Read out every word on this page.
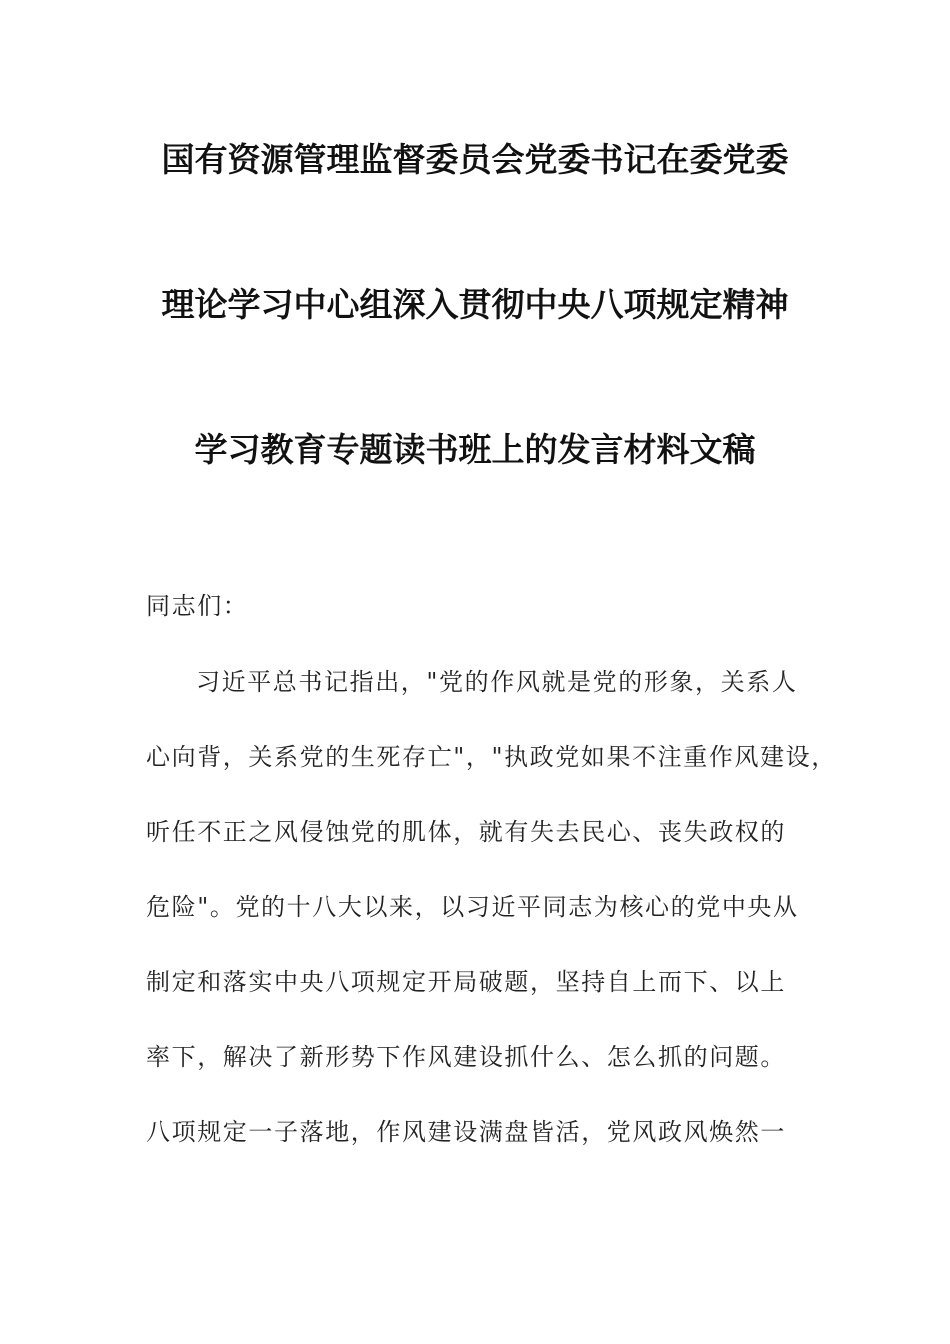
国有资源管理监督委员会党委书记在委党委
理论学习中心组深入贯彻中央八项规定精神
学习教育专题读书班上的发言材料文稿
同志们：
习近平总书记指出，"党的作风就是党的形象，关系人
心向背，关系党的生死存亡"，"执政党如果不注重作风建设，
听任不正之风侵蚀党的肌体，就有失去民心、丧失政权的
危险"。党的十八大以来，以习近平同志为核心的党中央从
制定和落实中央八项规定开局破题，坚持自上而下、以上
率下，解决了新形势下作风建设抓什么、怎么抓的问题。
八项规定一子落地，作风建设满盘皆活，党风政风焕然一
